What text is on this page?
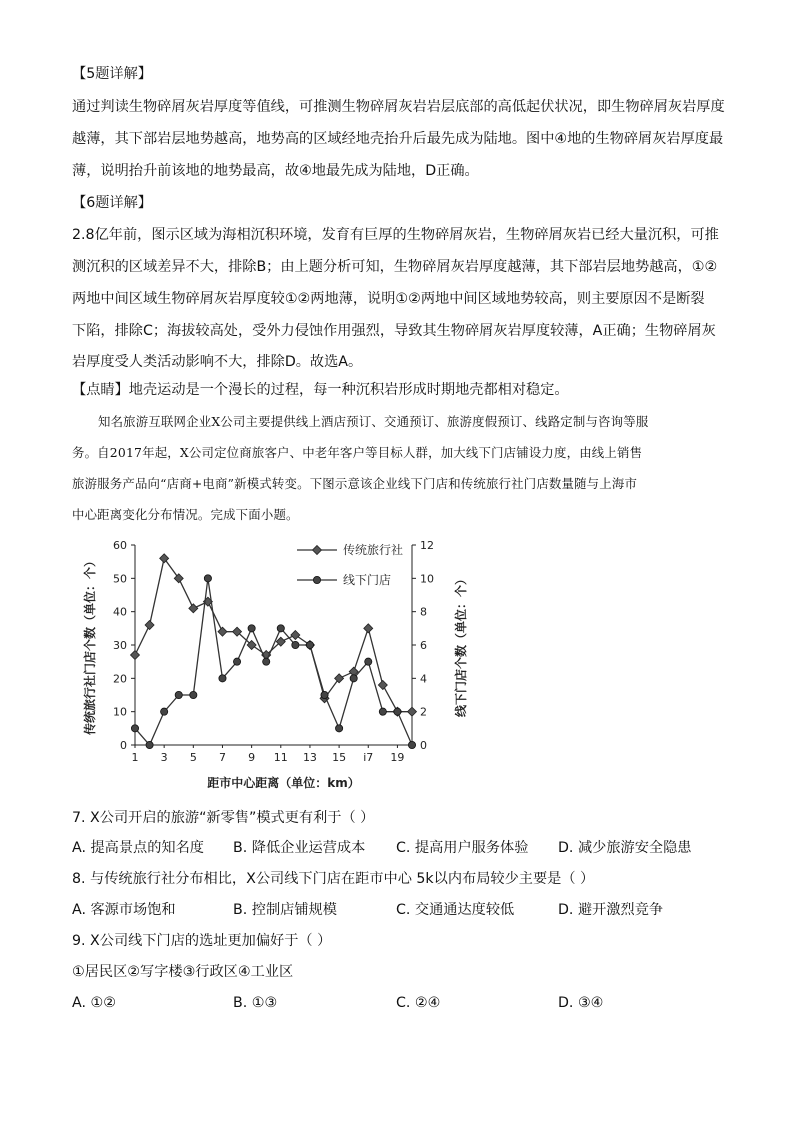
【5题详解】
通过判读生物碎屑灰岩厚度等值线，可推测生物碎屑灰岩岩层底部的高低起伏状况，即生物碎屑灰岩厚度
越薄，其下部岩层地势越高，地势高的区域经地壳抬升后最先成为陆地。图中④地的生物碎屑灰岩厚度最
薄，说明抬升前该地的地势最高，故④地最先成为陆地，D正确。
【6题详解】
2.8亿年前，图示区域为海相沉积环境，发育有巨厚的生物碎屑灰岩，生物碎屑灰岩已经大量沉积，可推
测沉积的区域差异不大，排除B；由上题分析可知，生物碎屑灰岩厚度越薄，其下部岩层地势越高，①②
两地中间区域生物碎屑灰岩厚度较①②两地薄，说明①②两地中间区域地势较高，则主要原因不是断裂
下陷，排除C；海拔较高处，受外力侵蚀作用强烈，导致其生物碎屑灰岩厚度较薄，A正确；生物碎屑灰
岩厚度受人类活动影响不大，排除D。故选A。
【点睛】地壳运动是一个漫长的过程，每一种沉积岩形成时期地壳都相对稳定。
知名旅游互联网企业X公司主要提供线上酒店预订、交通预订、旅游度假预订、线路定制与咨询等服
务。自2017年起，X公司定位商旅客户、中老年客户等目标人群，加大线下门店铺设力度，由线上销售
旅游服务产品向“店商+电商”新模式转变。下图示意该企业线下门店和传统旅行社门店数量随与上海市
中心距离变化分布情况。完成下面小题。
0
10
20
30
40
50
60
0
2
4
6
8
10
12
1 3 5 7 9 11 13 15 i7 19
距市中心距离（单位：km）
传统旅行社门店个数（单位：个）	线下门店个数（单位：个）
传统旅行社
线下门店
7. X公司开启的旅游“新零售”模式更有利于（ ）
A. 提高景点的知名度 B. 降低企业运营成本 C. 提高用户服务体验 D. 减少旅游安全隐患
8. 与传统旅行社分布相比，X公司线下门店在距市中心 5k以内布局较少主要是（ ）
A. 客源市场饱和	B. 控制店铺规模	C. 交通通达度较低	D. 避开激烈竞争
9. X公司线下门店的选址更加偏好于（ ）
①居民区②写字楼③行政区④工业区
A. ①②	B. ①③	C. ②④	D. ③④
